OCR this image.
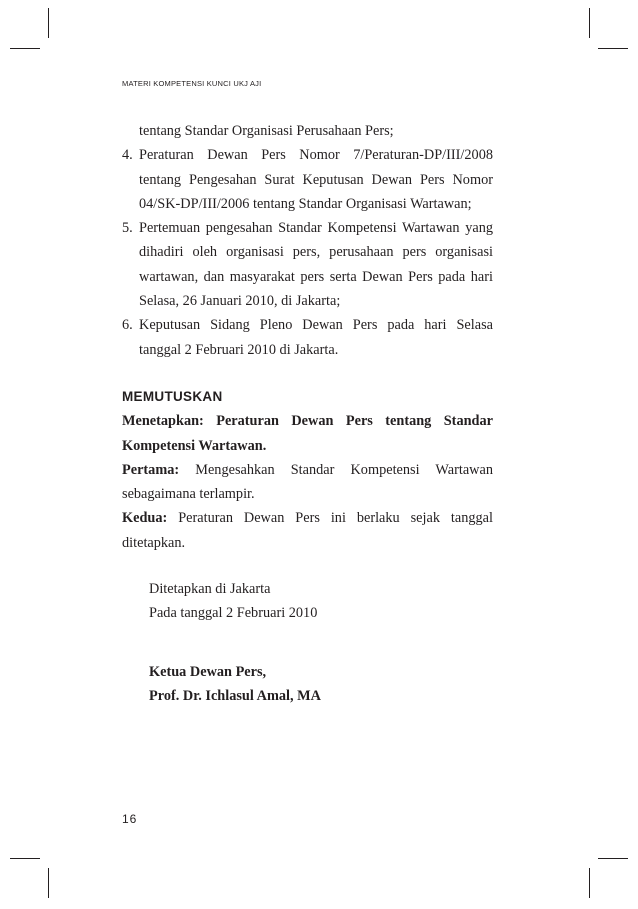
MATERI KOMPETENSI KUNCI UKJ AJI
tentang Standar Organisasi Perusahaan Pers;
4. Peraturan Dewan Pers Nomor 7/Peraturan-DP/III/2008 tentang Pengesahan Surat Keputusan Dewan Pers Nomor 04/SK-DP/III/2006 tentang Standar Organisasi Wartawan;
5. Pertemuan pengesahan Standar Kompetensi Wartawan yang dihadiri oleh organisasi pers, perusahaan pers organisasi wartawan, dan masyarakat pers serta Dewan Pers pada hari Selasa, 26 Januari 2010, di Jakarta;
6. Keputusan Sidang Pleno Dewan Pers pada hari Selasa tanggal 2 Februari 2010 di Jakarta.
MEMUTUSKAN
Menetapkan: Peraturan Dewan Pers tentang Standar Kompetensi Wartawan.
Pertama: Mengesahkan Standar Kompetensi Wartawan sebagaimana terlampir.
Kedua: Peraturan Dewan Pers ini berlaku sejak tanggal ditetapkan.
Ditetapkan di Jakarta
Pada tanggal 2 Februari 2010
Ketua Dewan Pers,
Prof. Dr. Ichlasul Amal, MA
16
